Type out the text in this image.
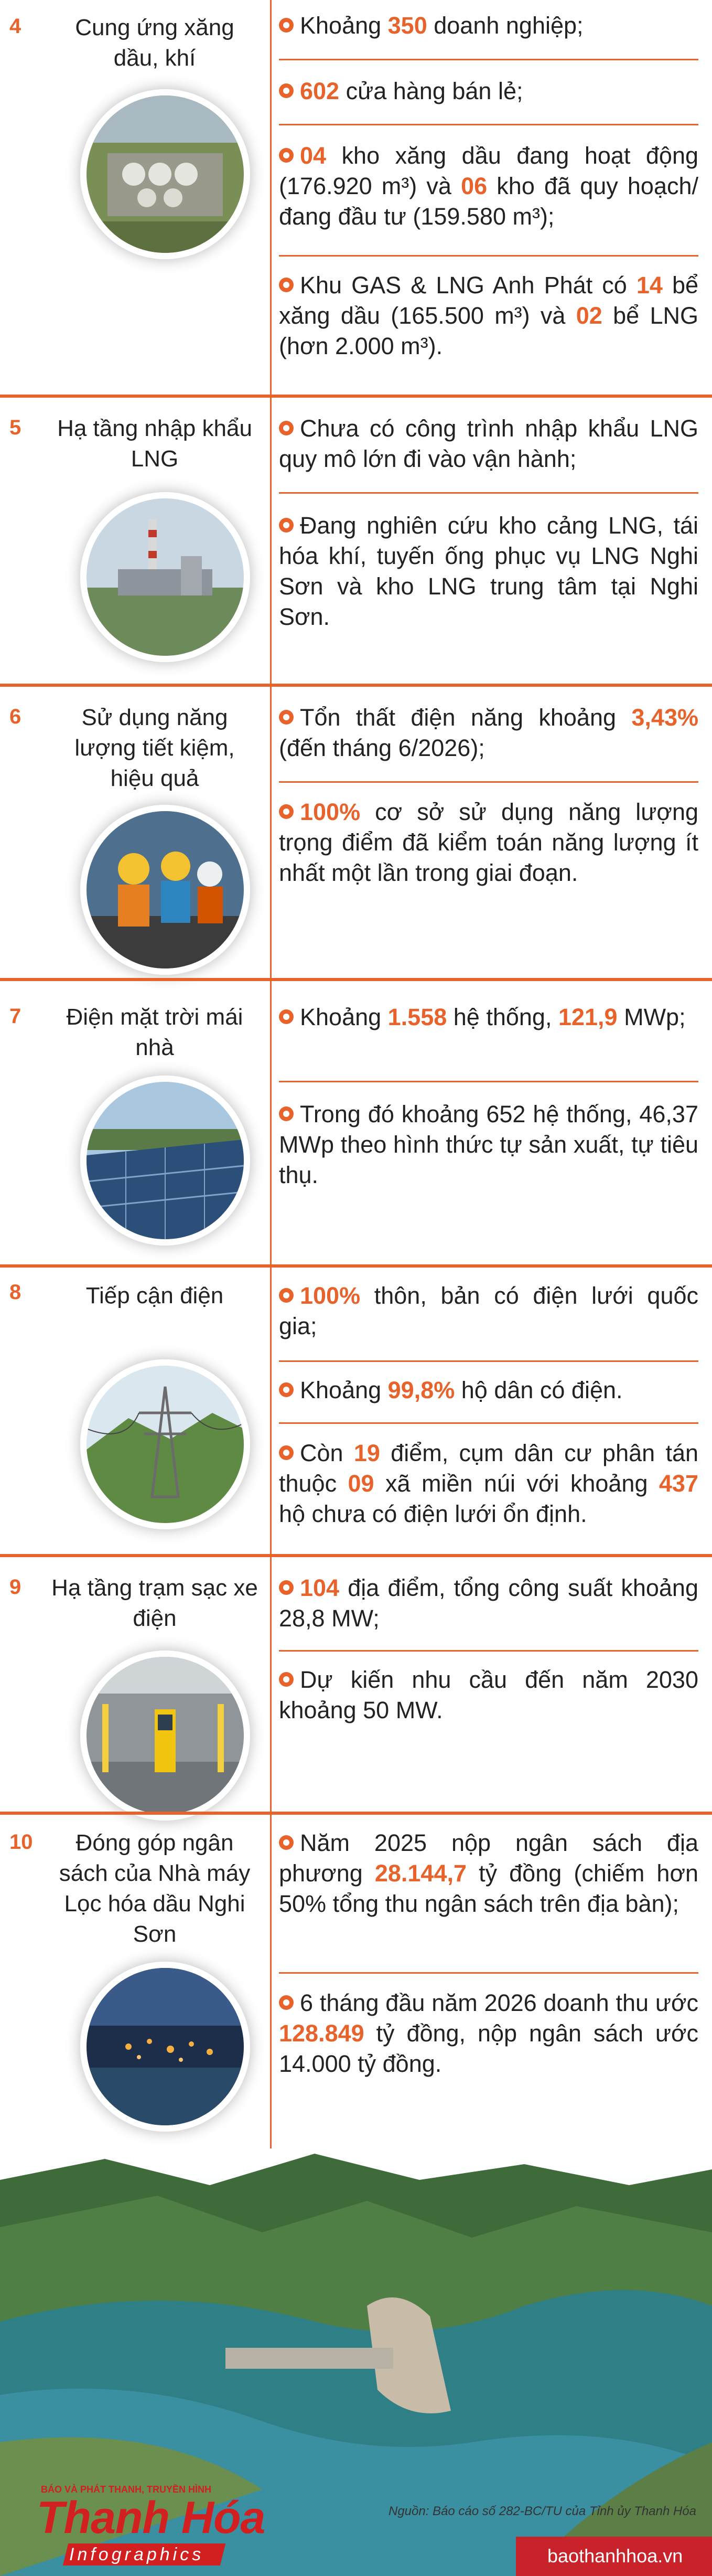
4	Cung ứng xăng dầu, khí
Khoảng 350 doanh nghiệp;
602 cửa hàng bán lẻ;
04 kho xăng dầu đang hoạt động (176.920 m³) và 06 kho đã quy hoạch/đang đầu tư (159.580 m³);
Khu GAS & LNG Anh Phát có 14 bể xăng dầu (165.500 m³) và 02 bể LNG (hơn 2.000 m³).
5	Hạ tầng nhập khẩu LNG
Chưa có công trình nhập khẩu LNG quy mô lớn đi vào vận hành;
Đang nghiên cứu kho cảng LNG, tái hóa khí, tuyến ống phục vụ LNG Nghi Sơn và kho LNG trung tâm tại Nghi Sơn.
6	Sử dụng năng lượng tiết kiệm, hiệu quả
Tổn thất điện năng khoảng 3,43% (đến tháng 6/2026);
100% cơ sở sử dụng năng lượng trọng điểm đã kiểm toán năng lượng ít nhất một lần trong giai đoạn.
7	Điện mặt trời mái nhà
Khoảng 1.558 hệ thống, 121,9 MWp;
Trong đó khoảng 652 hệ thống, 46,37 MWp theo hình thức tự sản xuất, tự tiêu thụ.
8	Tiếp cận điện	100% thôn, bản có điện lưới quốc gia;
Khoảng 99,8% hộ dân có điện.
Còn 19 điểm, cụm dân cư phân tán thuộc 09 xã miền núi với khoảng 437 hộ chưa có điện lưới ổn định.
9 Hạ tầng trạm sạc xe điện
104 địa điểm, tổng công suất khoảng 28,8 MW;
Dự kiến nhu cầu đến năm 2030 khoảng 50 MW.
10	Đóng góp ngân sách của Nhà máy Lọc hóa dầu Nghi Sơn
Năm 2025 nộp ngân sách địa phương 28.144,7 tỷ đồng (chiếm hơn 50% tổng thu ngân sách trên địa bàn);
6 tháng đầu năm 2026 doanh thu ước 128.849 tỷ đồng, nộp ngân sách ước 14.000 tỷ đồng.
BÁO VÀ PHÁT THANH, TRUYỀN HÌNH
Thanh Hóa
Infographics
Nguồn: Báo cáo số 282-BC/TU của Tỉnh ủy Thanh Hóa
baothanhhoa.vn
